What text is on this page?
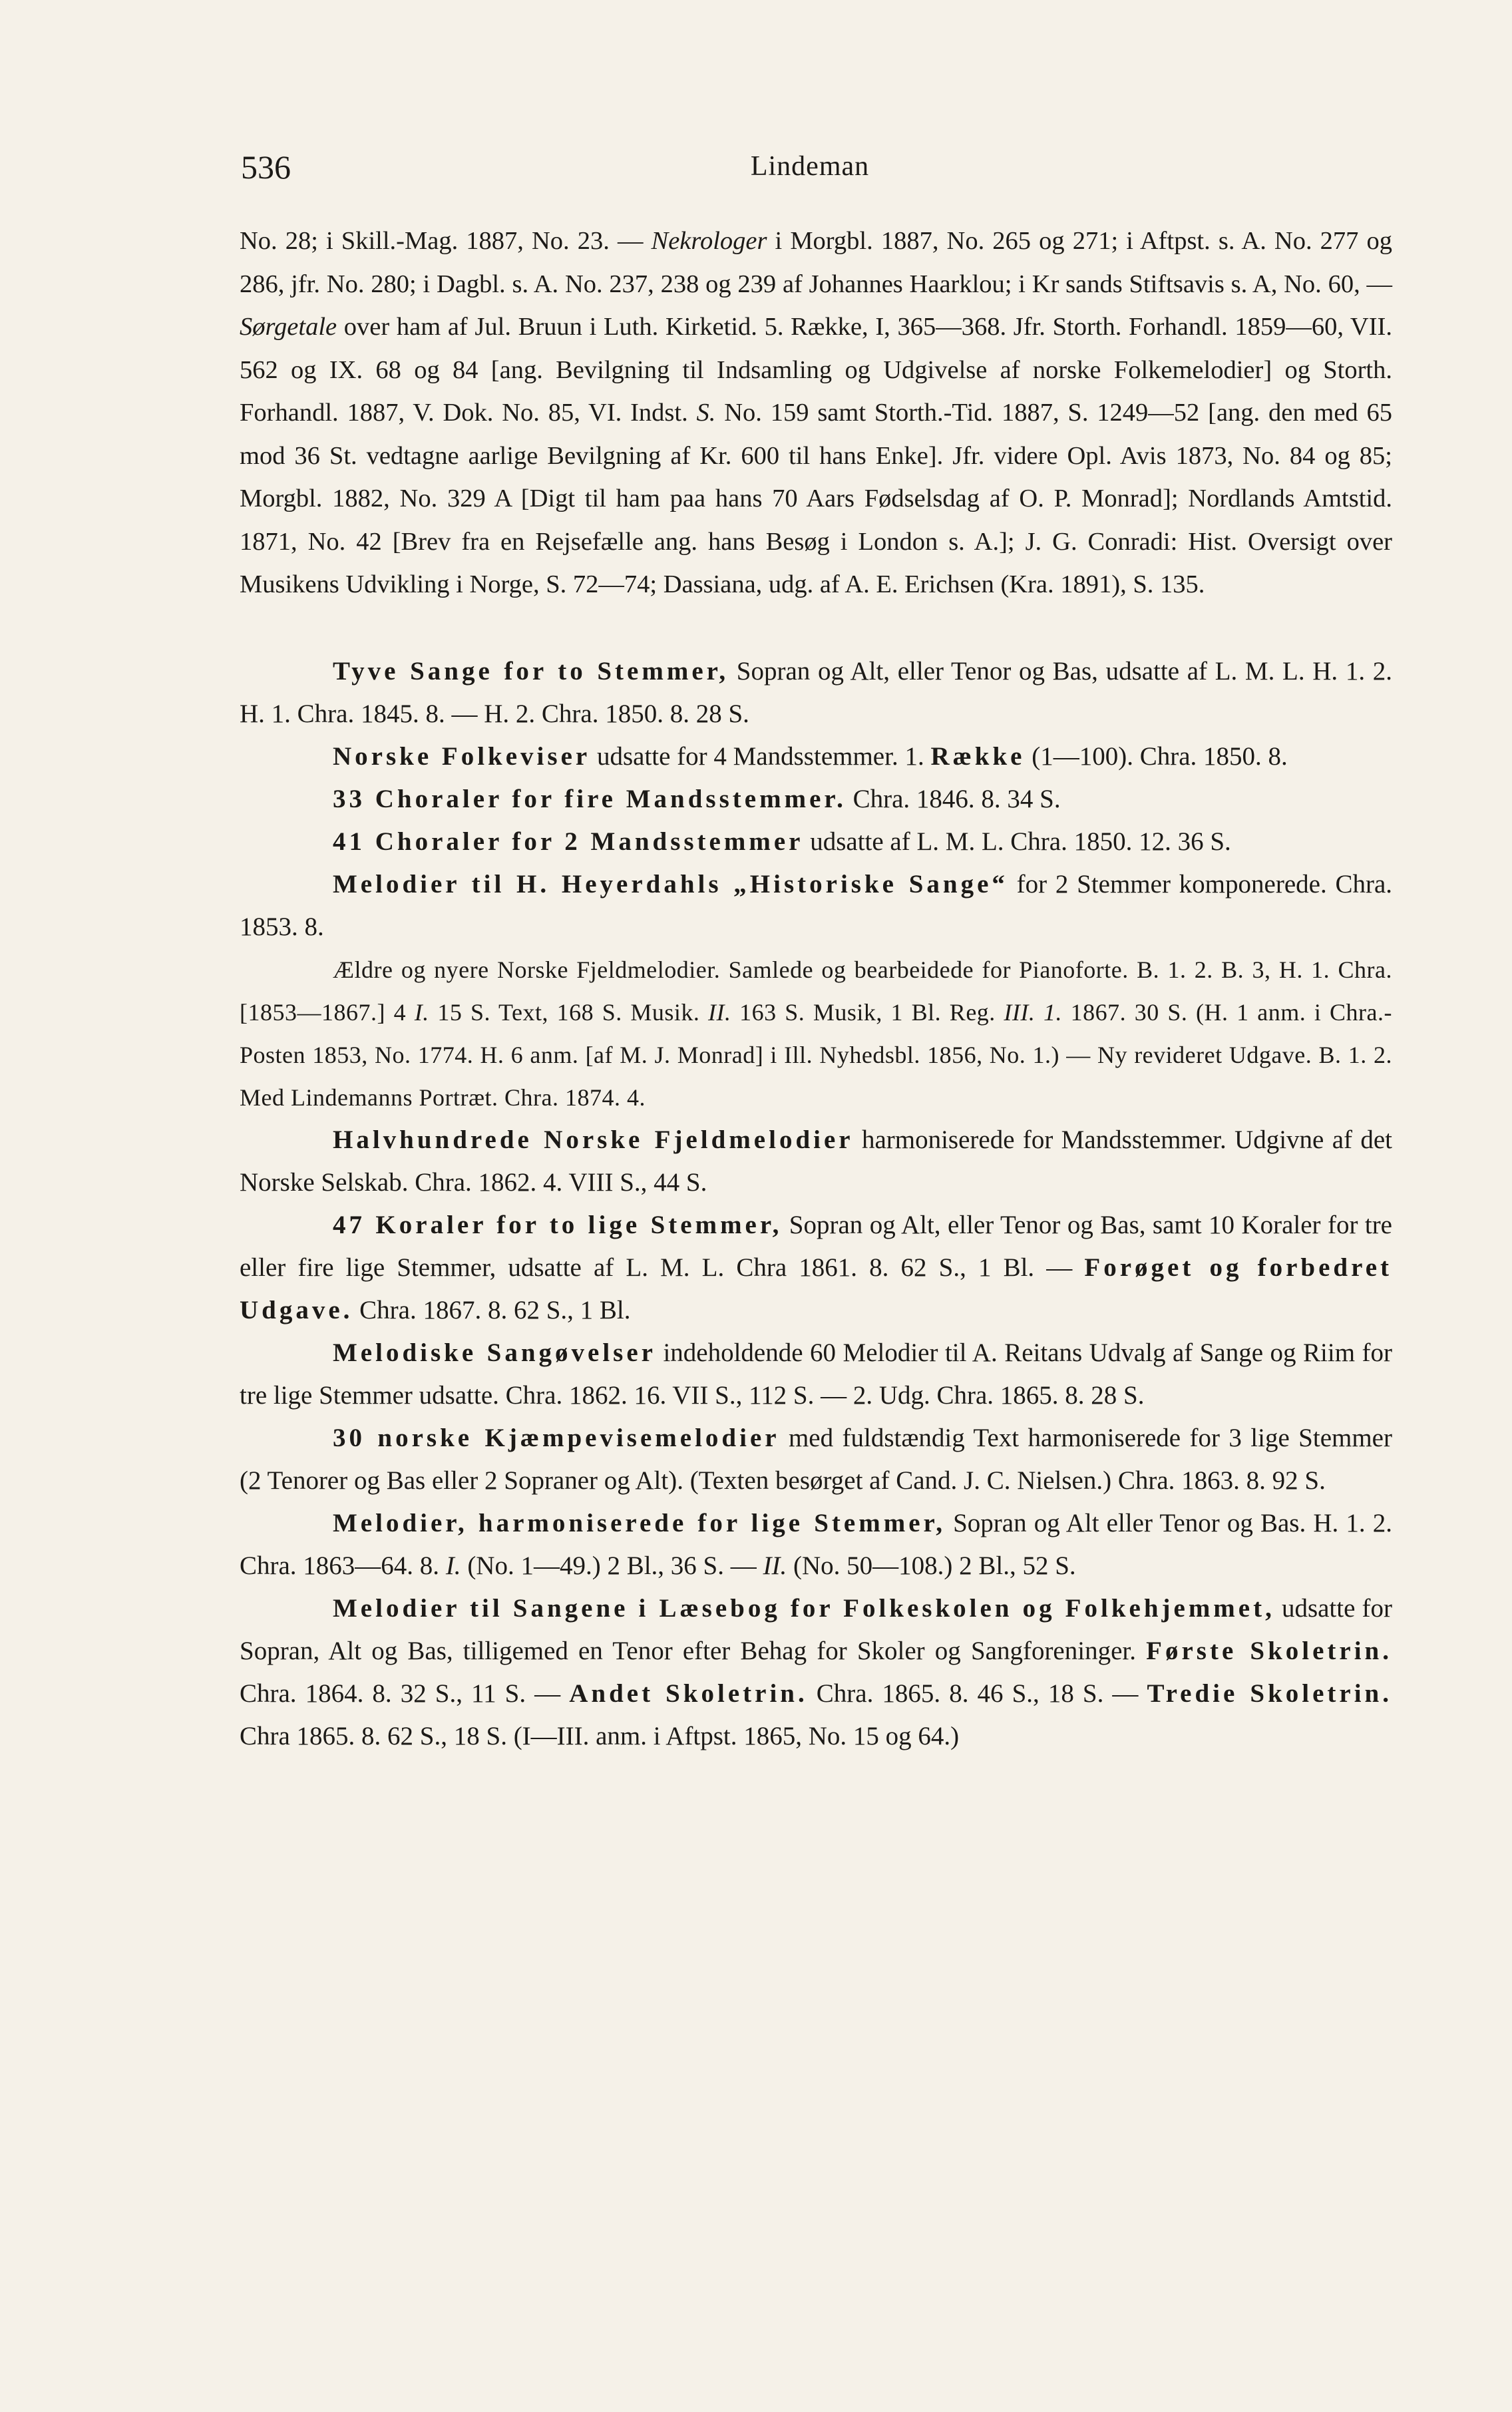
536	Lindeman

No. 28; i Skill.-Mag. 1887, No. 23. — Nekrologer i Morgbl. 1887, No. 265 og 271; i Aftpst. s. A. No. 277 og 286, jfr. No. 280; i Dagbl. s. A. No. 237, 238 og 239 af Johannes Haarklou; i Kr sands Stiftsavis s. A, No. 60, — Sørgetale over ham af Jul. Bruun i Luth. Kirketid. 5. Række, I, 365—368. Jfr. Storth. Forhandl. 1859—60, VII. 562 og IX. 68 og 84 [ang. Bevilgning til Indsamling og Udgivelse af norske Folkemelodier] og Storth. Forhandl. 1887, V. Dok. No. 85, VI. Indst. S. No. 159 samt Storth.-Tid. 1887, S. 1249—52 [ang. den med 65 mod 36 St. vedtagne aarlige Bevilgning af Kr. 600 til hans Enke]. Jfr. videre Opl. Avis 1873, No. 84 og 85; Morgbl. 1882, No. 329 A [Digt til ham paa hans 70 Aars Fødselsdag af O. P. Monrad]; Nordlands Amtstid. 1871, No. 42 [Brev fra en Rejsefælle ang. hans Besøg i London s. A.]; J. G. Conradi: Hist. Oversigt over Musikens Udvikling i Norge, S. 72—74; Dassiana, udg. af A. E. Erichsen (Kra. 1891), S. 135.

Tyve Sange for to Stemmer, Sopran og Alt, eller Tenor og Bas, udsatte af L. M. L. H. 1. 2. H. 1. Chra. 1845. 8. — H. 2. Chra. 1850. 8. 28 S.

Norske Folkeviser udsatte for 4 Mandsstemmer. 1. Række (1—100). Chra. 1850. 8.

33 Choraler for fire Mandsstemmer. Chra. 1846. 8. 34 S.

41 Choraler for 2 Mandsstemmer udsatte af L. M. L. Chra. 1850. 12. 36 S.

Melodier til H. Heyerdahls „Historiske Sange“ for 2 Stemmer komponerede. Chra. 1853. 8.

Ældre og nyere Norske Fjeldmelodier. Samlede og bearbeidede for Pianoforte. B. 1. 2. B. 3, H. 1. Chra. [1853—1867.] 4 I. 15 S. Text, 168 S. Musik. II. 163 S. Musik, 1 Bl. Reg. III. 1. 1867. 30 S. (H. 1 anm. i Chra.-Posten 1853, No. 1774. H. 6 anm. [af M. J. Monrad] i Ill. Nyhedsbl. 1856, No. 1.) — Ny revideret Udgave. B. 1. 2. Med Lindemanns Portræt. Chra. 1874. 4.

Halvhundrede Norske Fjeldmelodier harmoniserede for Mandsstemmer. Udgivne af det Norske Selskab. Chra. 1862. 4. VIII S., 44 S.

47 Koraler for to lige Stemmer, Sopran og Alt, eller Tenor og Bas, samt 10 Koraler for tre eller fire lige Stemmer, udsatte af L. M. L. Chra 1861. 8. 62 S., 1 Bl. — Forøget og forbedret Udgave. Chra. 1867. 8. 62 S., 1 Bl.

Melodiske Sangøvelser indeholdende 60 Melodier til A. Reitans Udvalg af Sange og Riim for tre lige Stemmer udsatte. Chra. 1862. 16. VII S., 112 S. — 2. Udg. Chra. 1865. 8. 28 S.

30 norske Kjæmpevisemelodier med fuldstændig Text harmoniserede for 3 lige Stemmer (2 Tenorer og Bas eller 2 Sopraner og Alt). (Texten besørget af Cand. J. C. Nielsen.) Chra. 1863. 8. 92 S.

Melodier, harmoniserede for lige Stemmer, Sopran og Alt eller Tenor og Bas. H. 1. 2. Chra. 1863—64. 8. I. (No. 1—49.) 2 Bl., 36 S. — II. (No. 50—108.) 2 Bl., 52 S.

Melodier til Sangene i Læsebog for Folkeskolen og Folkehjemmet, udsatte for Sopran, Alt og Bas, tilligemed en Tenor efter Behag for Skoler og Sangforeninger. Første Skoletrin. Chra. 1864. 8. 32 S., 11 S. — Andet Skoletrin. Chra. 1865. 8. 46 S., 18 S. — Tredie Skoletrin. Chra 1865. 8. 62 S., 18 S. (I—III. anm. i Aftpst. 1865, No. 15 og 64.)
